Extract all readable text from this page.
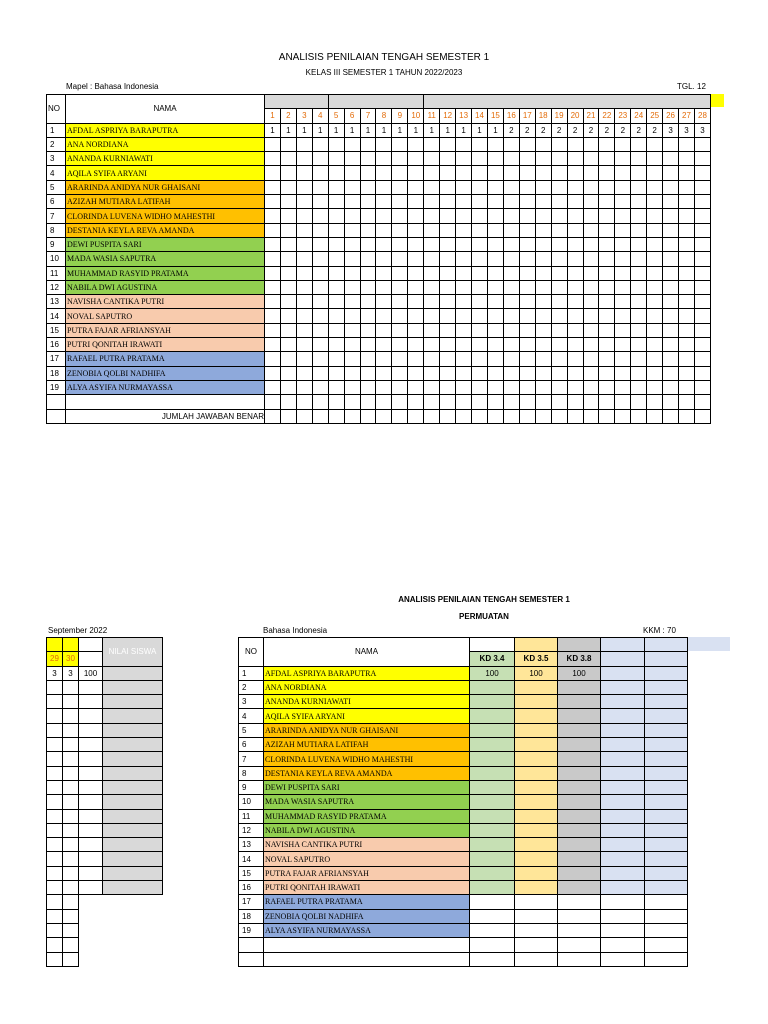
ANALISIS PENILAIAN TENGAH SEMESTER 1
KELAS III SEMESTER 1 TAHUN 2022/2023
Mapel : Bahasa Indonesia	TGL. 12
NO	NAMA																												
		1	2	3	4	5	6	7	8	9	10	11	12	13	14	15	16	17	18	19	20	21	22	23	24	25	26	27	28
1	AFDAL ASPRIYA BARAPUTRA	1	1	1	1	1	1	1	1	1	1	1	1	1	1	1	2	2	2	2	2	2	2	2	2	2	3	3	3
2	ANA NORDIANA																												
3	ANANDA KURNIAWATI																												
4	AQILA SYIFA ARYANI																												
5	ARARINDA ANIDYA NUR GHAISANI																												
6	AZIZAH MUTIARA LATIFAH																												
7	CLORINDA LUVENA WIDHO MAHESTHI																												
8	DESTANIA KEYLA REVA AMANDA																												
9	DEWI PUSPITA SARI																												
10	MADA WASIA SAPUTRA																												
11	MUHAMMAD RASYID PRATAMA																												
12	NABILA DWI AGUSTINA																												
13	NAVISHA CANTIKA PUTRI																												
14	NOVAL SAPUTRO																												
15	PUTRA FAJAR AFRIANSYAH																												
16	PUTRI QONITAH IRAWATI																												
17	RAFAEL PUTRA PRATAMA																												
18	ZENOBIA QOLBI NADHIFA																												
19	ALYA ASYIFA NURMAYASSA																												

	JUMLAH JAWABAN BENAR																												
ANALISIS PENILAIAN TENGAH SEMESTER 1
PERMUATAN
September 2022	Bahasa Indonesia	KKM : 70
			NILAI SISWA
29	30		
3	3	100	

NO	NAMA					
		KD 3.4	KD 3.5	KD 3.8		
1	AFDAL ASPRIYA BARAPUTRA	100	100	100		
2	ANA NORDIANA					
3	ANANDA KURNIAWATI					
4	AQILA SYIFA ARYANI					
5	ARARINDA ANIDYA NUR GHAISANI					
6	AZIZAH MUTIARA LATIFAH					
7	CLORINDA LUVENA WIDHO MAHESTHI					
8	DESTANIA KEYLA REVA AMANDA					
9	DEWI PUSPITA SARI					
10	MADA WASIA SAPUTRA					
11	MUHAMMAD RASYID PRATAMA					
12	NABILA DWI AGUSTINA					
13	NAVISHA CANTIKA PUTRI					
14	NOVAL SAPUTRO					
15	PUTRA FAJAR AFRIANSYAH					
16	PUTRI QONITAH IRAWATI					
17	RAFAEL PUTRA PRATAMA					
18	ZENOBIA QOLBI NADHIFA					
19	ALYA ASYIFA NURMAYASSA					
